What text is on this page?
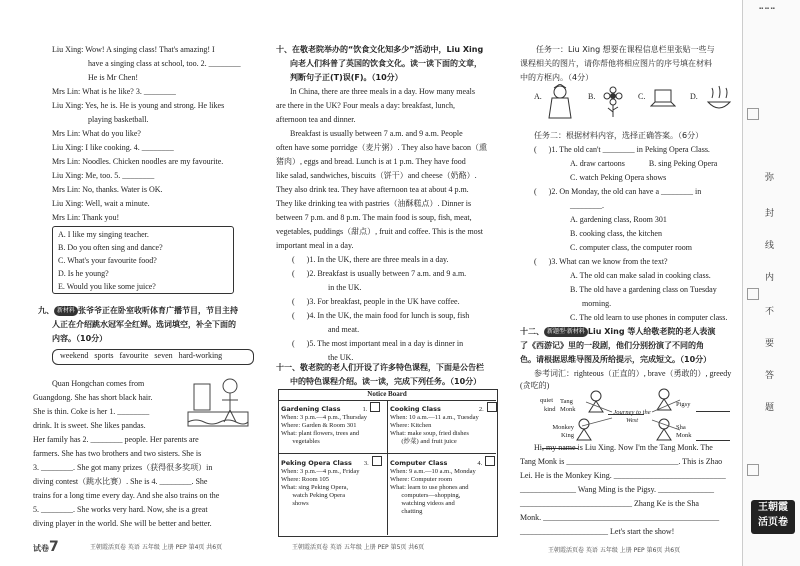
Liu Xing: Wow! A singing class! That's amazing! I
have a singing class at school, too. 2. ________
He is Mr Chen!
Mrs Lin: What is he like? 3. ________
Liu Xing: Yes, he is. He is young and strong. He likes
playing basketball.
Mrs Lin: What do you like?
Liu Xing: I like cooking. 4. ________
Mrs Lin: Noodles. Chicken noodles are my favourite.
Liu Xing: Me, too. 5. ________
Mrs Lin: No, thanks. Water is OK.
Liu Xing: Well, wait a minute.
Mrs Lin: Thank you!
A. I like my singing teacher.
B. Do you often sing and dance?
C. What's your favourite food?
D. Is he young?
E. Would you like some juice?
九、 新材料 张爷爷正在卧室收听体育广播节目，节目主持
人正在介绍跳水冠军全红婵。选词填空，补全下面的
内容。（10分）
weekend   sports   favourite   seven   hard-working
Quan Hongchan comes from
Guangdong. She has short black hair.
She is thin. Coke is her 1. ________
drink. It is sweet. She likes pandas.
Her family has 2. ________ people. Her parents are
farmers. She has two brothers and two sisters. She is
3. ________. She got many prizes（获得很多奖项）in
diving contest（跳水比赛）. She is 4. ________. She
trains for a long time every day. And she also trains on the
5. ________. She works very hard. Now, she is a great
diving player in the world. She will be better and better.
试卷7	王朝霞活页卷 英语 五年级 上册 PEP 第4页 共6页
十、在敬老院举办的“饮食文化知多少”活动中，Liu Xing
向老人们科普了英国的饮食文化。读一读下面的文章，
判断句子正(T)误(F)。（10分）
In China, there are three meals in a day. How many meals
are there in the UK? Four meals a day: breakfast, lunch,
afternoon tea and dinner.
Breakfast is usually between 7 a.m. and 9 a.m. People
often have some porridge（麦片粥）. They also have bacon（熏
猪肉）, eggs and bread. Lunch is at 1 p.m. They have food
like salad, sandwiches, biscuits（饼干）and cheese（奶酪）.
They also drink tea. They have afternoon tea at about 4 p.m.
They like drinking tea with pastries（油酥糕点）. Dinner is
between 7 p.m. and 8 p.m. The main food is soup, fish, meat,
vegetables, puddings（甜点）, fruit and coffee. This is the most
important meal in a day.
(      )1. In the UK, there are three meals in a day.
(      )2. Breakfast is usually between 7 a.m. and 9 a.m.
in the UK.
(      )3. For breakfast, people in the UK have coffee.
(      )4. In the UK, the main food for lunch is soup, fish
and meat.
(      )5. The most important meal in a day is dinner in
the UK.
十一、敬老院的老人们开设了许多特色课程，下面是公告栏
中的特色课程介绍。读一读，完成下列任务。（10分）
Notice Board
Gardening Class	1.
When: 3 p.m.—4 p.m., Thursday
Where: Garden & Room 301
What: plant flowers, trees and
vegetables
Cooking Class	2.
When: 10 a.m.—11 a.m., Tuesday
Where: Kitchen
What: make soup, fried dishes
(炒菜) and fruit juice
Peking Opera Class 3.
When: 3 p.m.—4 p.m., Friday
Where: Room 105
What: sing Peking Opera,
watch Peking Opera
shows
Computer Class	4.
When: 9 a.m.—10 a.m., Monday
Where: Computer room
What: learn to use phones and
computers—shopping,
watching videos and
chatting
王朝霞活页卷 英语 五年级 上册 PEP 第5页 共6页
任务一：Liu Xing 想要在课程信息栏里张贴一些与
课程相关的图片，请你帮他将相应图片的序号填在材料
中的方框内。（4分）
A.	B.	C.	D.
任务二：根据材料内容，选择正确答案。（6分）
(      )1. The old can't ________ in Peking Opera Class.
A. draw cartoons            B. sing Peking Opera
C. watch Peking Opera shows
(      )2. On Monday, the old can have a ________ in
________.
A. gardening class, Room 301
B. cooking class, the kitchen
C. computer class, the computer room
(      )3. What can we know from the text?
A. The old can make salad in cooking class.
B. The old have a gardening class on Tuesday
morning.
C. The old learn to use phones in computer class.
十二、 新题型·新材料 Liu Xing 等人给敬老院的老人表演
了《西游记》里的一段剧，他们分别扮演了不同的角
色。请根据思维导图及所给提示，完成短文。（10分）
参考词汇：righteous（正直的）, brave（勇敢的）, greedy
(贪吃的)
quiet
kind
Tang Monk
Monkey King
Journey to the West
Pigsy
Sha Monk
Hi, my name is Liu Xing. Now I'm the Tang Monk. The
Tang Monk is ____________________________. This is Zhao
Lei. He is the Monkey King. ____________________________
______________ Wang Ming is the Pigsy. ______________
____________________________ Zhang Ke is the Sha
Monk. ____________________________________________
______________________ Let's start the show!
王朝霞活页卷 英语 五年级 上册 PEP 第6页 共6页
▪▪ ▪▪ ▪▪
弥
封
线
内
不
要
答
题
王朝霞
活页卷
